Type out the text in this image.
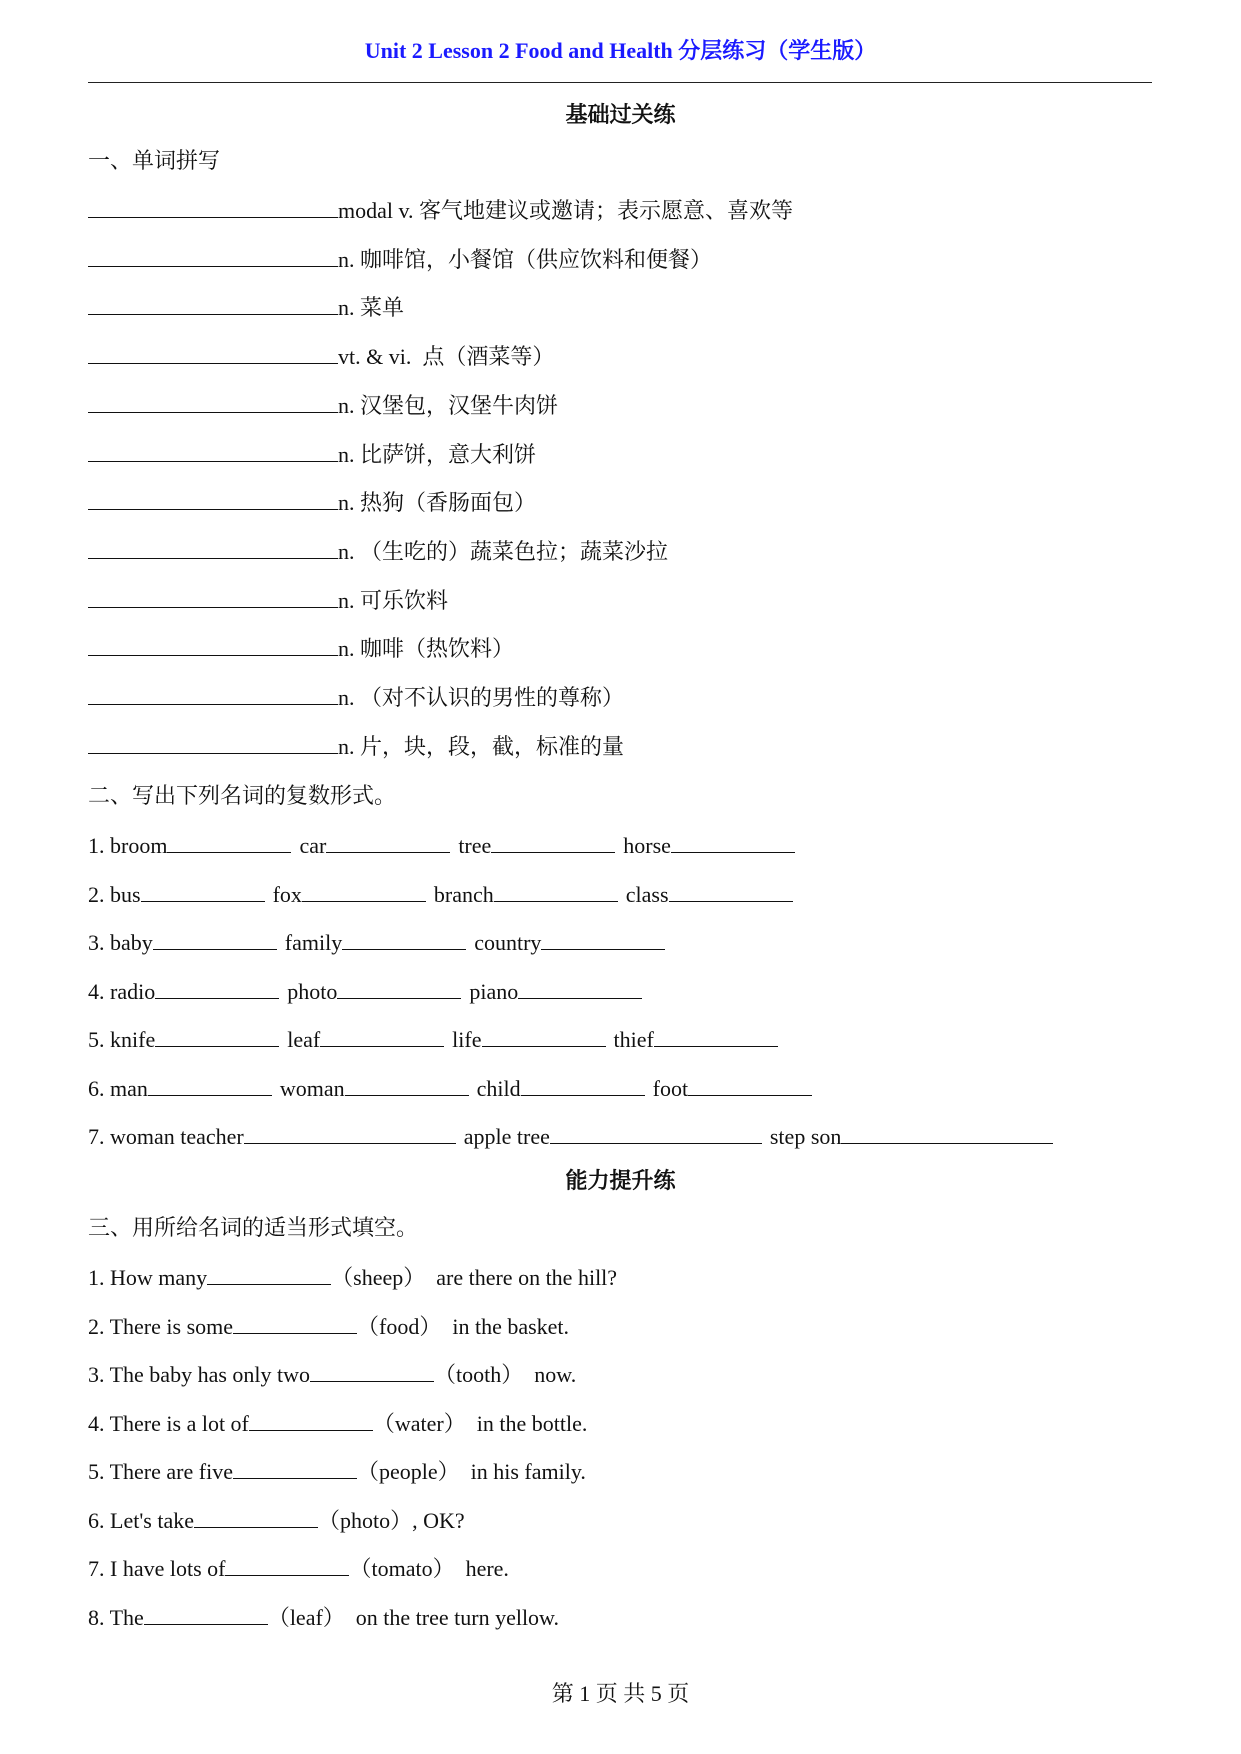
Unit 2 Lesson 2 Food and Health 分层练习（学生版）
基础过关练
一、单词拼写
modal v. 客气地建议或邀请；表示愿意、喜欢等
n. 咖啡馆，小餐馆（供应饮料和便餐）
n. 菜单
vt. & vi.  点（酒菜等）
n. 汉堡包，汉堡牛肉饼
n. 比萨饼，意大利饼
n. 热狗（香肠面包）
n. （生吃的）蔬菜色拉；蔬菜沙拉
n. 可乐饮料
n. 咖啡（热饮料）
n. （对不认识的男性的尊称）
n. 片，块，段，截，标准的量
二、写出下列名词的复数形式。
1. broom	car	tree	horse
2. bus	fox	branch	class
3. baby	family	country
4. radio	photo	piano
5. knife	leaf	life	thief
6. man	woman	child	foot
7. woman teacher	apple tree	step son
能力提升练
三、用所给名词的适当形式填空。
1. How many	（sheep）  are there on the hill?
2. There is some	（food）  in the basket.
3. The baby has only two	（tooth）  now.
4. There is a lot of	（water）  in the bottle.
5. There are five	（people）  in his family.
6. Let's take	（photo）, OK?
7. I have lots of	（tomato）  here.
8. The	（leaf）  on the tree turn yellow.
第 1 页 共 5 页
